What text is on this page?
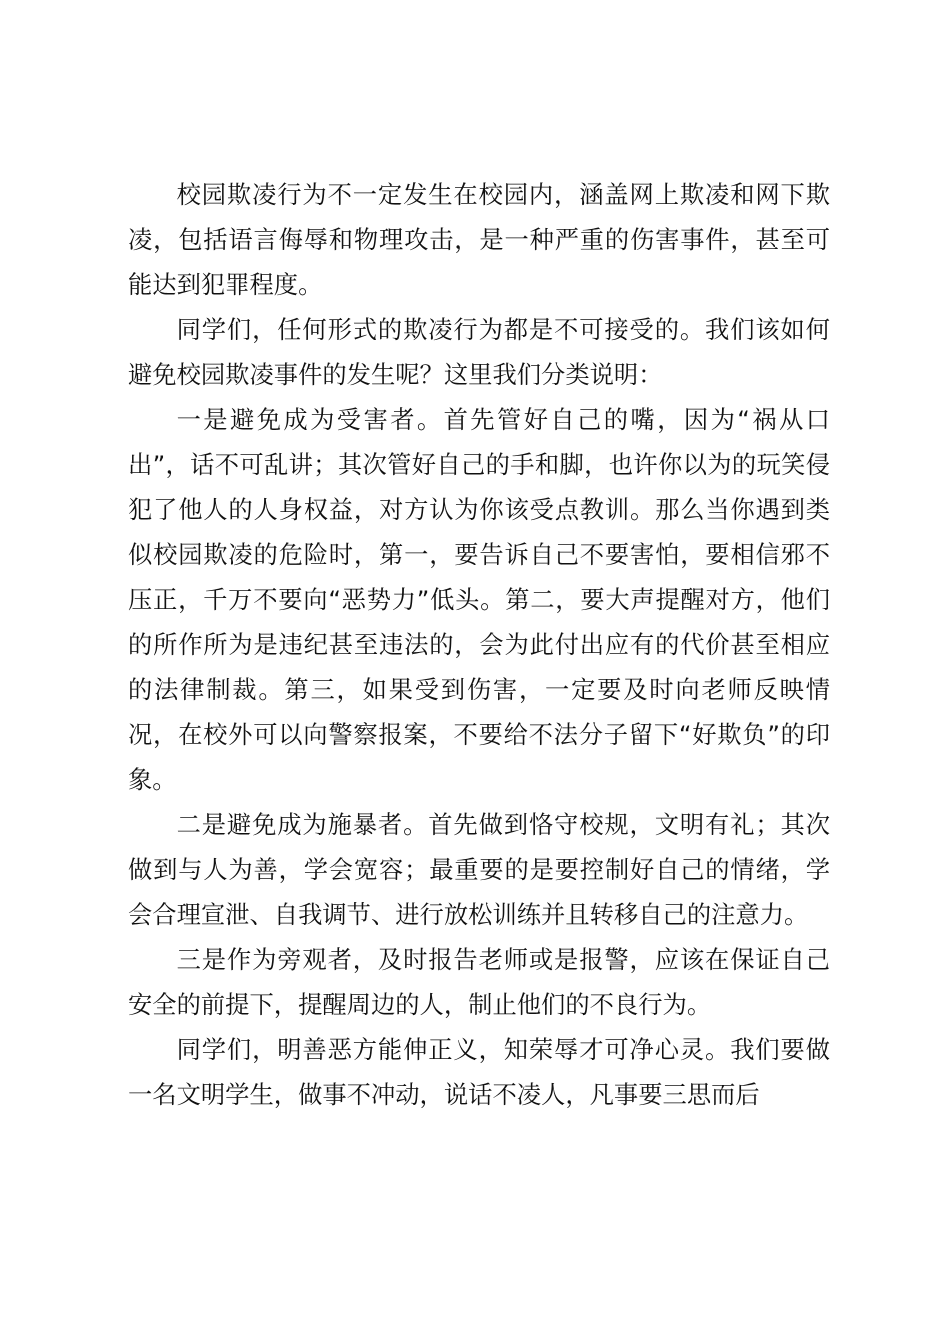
校园欺凌行为不一定发生在校园内，涵盖网上欺凌和网下欺凌，包括语言侮辱和物理攻击，是一种严重的伤害事件，甚至可能达到犯罪程度。

同学们，任何形式的欺凌行为都是不可接受的。我们该如何避免校园欺凌事件的发生呢？这里我们分类说明：

一是避免成为受害者。首先管好自己的嘴，因为“祸从口出”，话不可乱讲；其次管好自己的手和脚，也许你以为的玩笑侵犯了他人的人身权益，对方认为你该受点教训。那么当你遇到类似校园欺凌的危险时，第一，要告诉自己不要害怕，要相信邪不压正，千万不要向“恶势力”低头。第二，要大声提醒对方，他们的所作所为是违纪甚至违法的，会为此付出应有的代价甚至相应的法律制裁。第三，如果受到伤害，一定要及时向老师反映情况，在校外可以向警察报案，不要给不法分子留下“好欺负”的印象。

二是避免成为施暴者。首先做到恪守校规，文明有礼；其次做到与人为善，学会宽容；最重要的是要控制好自己的情绪，学会合理宣泄、自我调节、进行放松训练并且转移自己的注意力。

三是作为旁观者，及时报告老师或是报警，应该在保证自己安全的前提下，提醒周边的人，制止他们的不良行为。

同学们，明善恶方能伸正义，知荣辱才可净心灵。我们要做一名文明学生，做事不冲动，说话不凌人，凡事要三思而后
